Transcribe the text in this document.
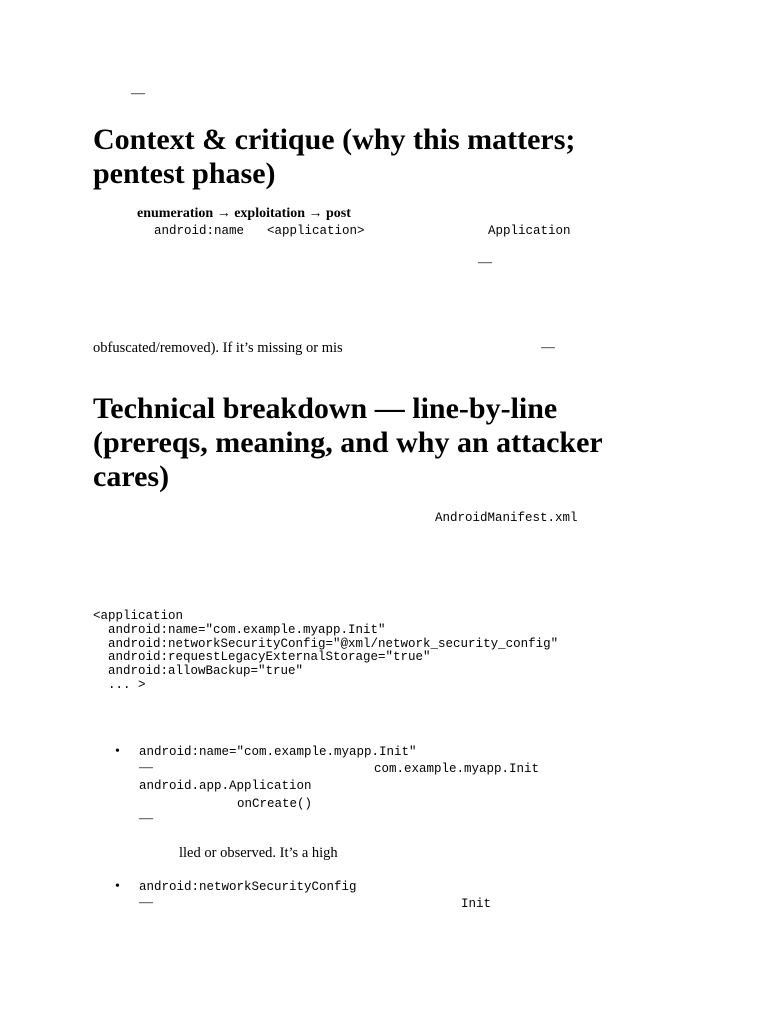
—
Context & critique (why this matters; pentest phase)
enumeration → exploitation → post
android:name <application>	Application
—
obfuscated/removed). If it’s missing or mis	—
Technical breakdown — line-by-line (prereqs, meaning, and why an attacker cares)
AndroidManifest.xml
<application
android:name="com.example.myapp.Init"
android:networkSecurityConfig="@xml/network_security_config"
android:requestLegacyExternalStorage="true"
android:allowBackup="true"
... >
• android:name="com.example.myapp.Init"
—	com.example.myapp.Init
android.app.Application
onCreate()
—
lled or observed. It’s a high
• android:networkSecurityConfig
—	Init
